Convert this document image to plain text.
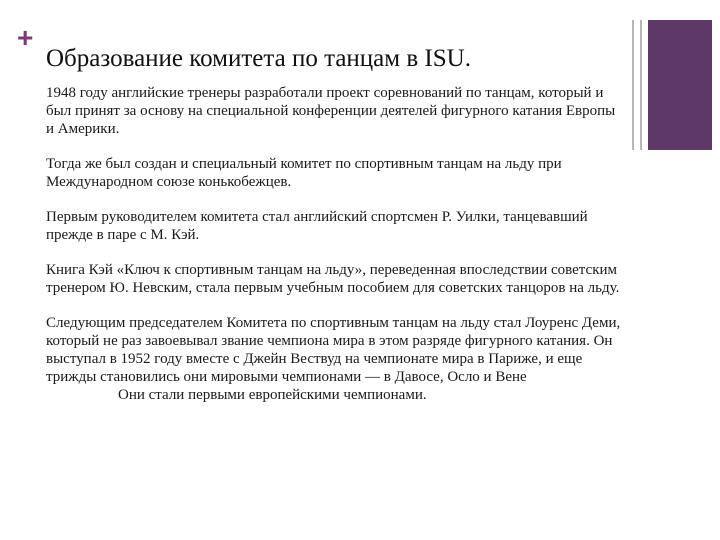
+
Образование комитета по танцам в ISU.

1948 году английские тренеры разработали проект соревнований по танцам, который и был принят за основу на специальной конференции деятелей фигурного катания Европы и Америки.

Тогда же был создан и специальный комитет по спортивным танцам на льду при Международном союзе конькобежцев.

Первым руководителем комитета стал английский спортсмен Р. Уилки, танцевавший прежде в паре с М. Кэй.

Книга Кэй «Ключ к спортивным танцам на льду», переведенная впоследствии советским тренером Ю. Невским, стала первым учебным пособием для советских танцоров на льду.

Следующим председателем Комитета по спортивным танцам на льду стал Лоуренс Деми, который не раз завоевывал звание чемпиона мира в этом разряде фигурного катания. Он выступал в 1952 году вместе с Джейн Вествуд на чемпионате мира в Париже, и еще трижды становились они мировыми чемпионами — в Давосе, Осло и Вене
Они стали первыми европейскими чемпионами.
